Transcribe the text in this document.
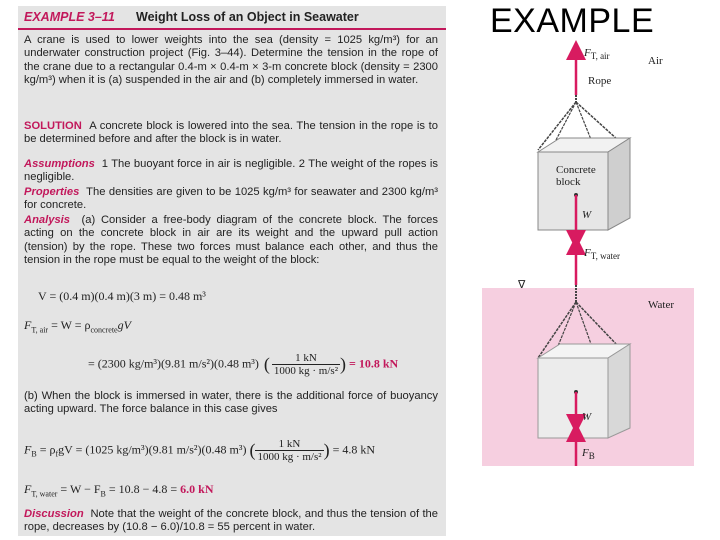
EXAMPLE 3–11 Weight Loss of an Object in Seawater

A crane is used to lower weights into the sea (density = 1025 kg/m³) for an underwater construction project (Fig. 3–44). Determine the tension in the rope of the crane due to a rectangular 0.4-m × 0.4-m × 3-m concrete block (density = 2300 kg/m³) when it is (a) suspended in the air and (b) completely immersed in water.

SOLUTION A concrete block is lowered into the sea. The tension in the rope is to be determined before and after the block is in water.

Assumptions 1 The buoyant force in air is negligible. 2 The weight of the ropes is negligible.

Properties The densities are given to be 1025 kg/m³ for seawater and 2300 kg/m³ for concrete.

Analysis (a) Consider a free-body diagram of the concrete block. The forces acting on the concrete block in air are its weight and the upward pull action (tension) by the rope. These two forces must balance each other, and thus the tension in the rope must be equal to the weight of the block:

V = (0.4 m)(0.4 m)(3 m) = 0.48 m³
$F_{T, air} = W = \rho_{concrete}gV$
= (2300 kg/m³)(9.81 m/s²)(0.48 m³) ( $\frac{1 kN}{\text{1000 kg · m/s²}}$ ) = 10.8 kN

(b) When the block is immersed in water, there is the additional force of buoyancy acting upward. The force balance in this case gives

$F_B = \rho_fgV = (1025$ kg/m³)(9.81 m/s²)(0.48 m³) ( $\frac{1 kN}{\text{1000 kg · m/s²}}$ ) = 4.8 kN
$F_{T, water} = W - F_B = 10.8 - 4.8 = 6.0$ kN

Discussion Note that the weight of the concrete block, and thus the tension of the rope, decreases by (10.8 − 6.0)/10.8 = 55 percent in water.

EXAMPLE
$F_{T, air}$	Air
Rope
Concrete
block
W
$F_{T, water}$
∇
Water
W
$F_B$
